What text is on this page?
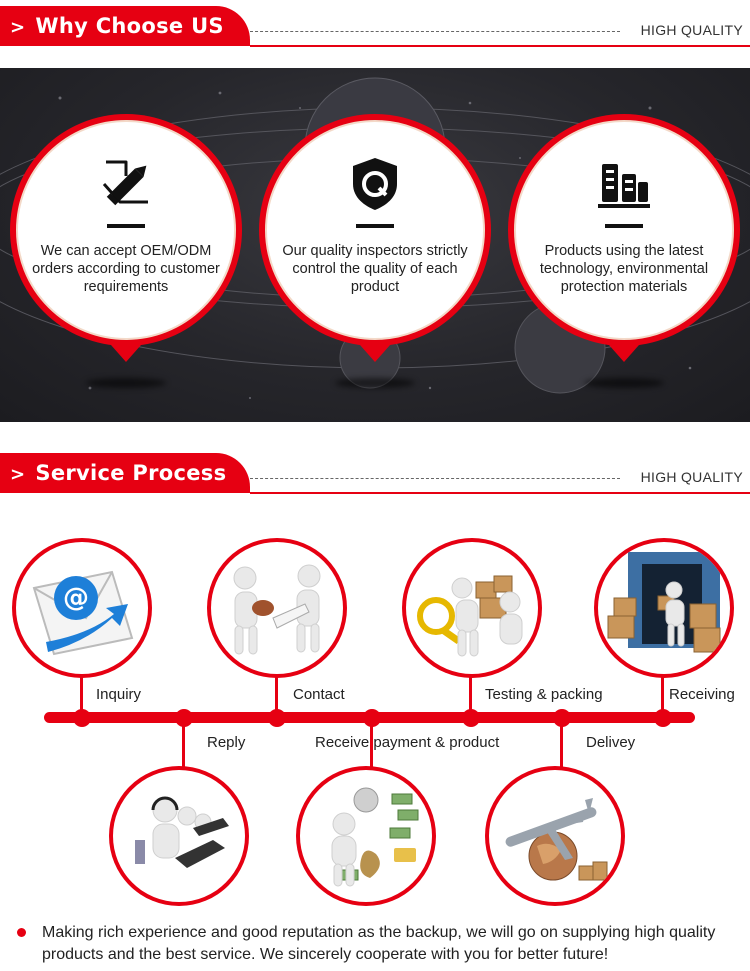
> Why Choose US	HIGH QUALITY
We can accept OEM/ODM orders according to customer requirements
Our quality inspectors strictly control the quality of each product
Products using the latest technology, environmental protection materials
> Service Process	HIGH QUALITY
@
Inquiry
Reply
Contact
Receive payment & product
Testing & packing
Delivey
Receiving
Making rich experience and good reputation as the backup, we will go on supplying high quality products and the best service. We sincerely cooperate with you for better future!
